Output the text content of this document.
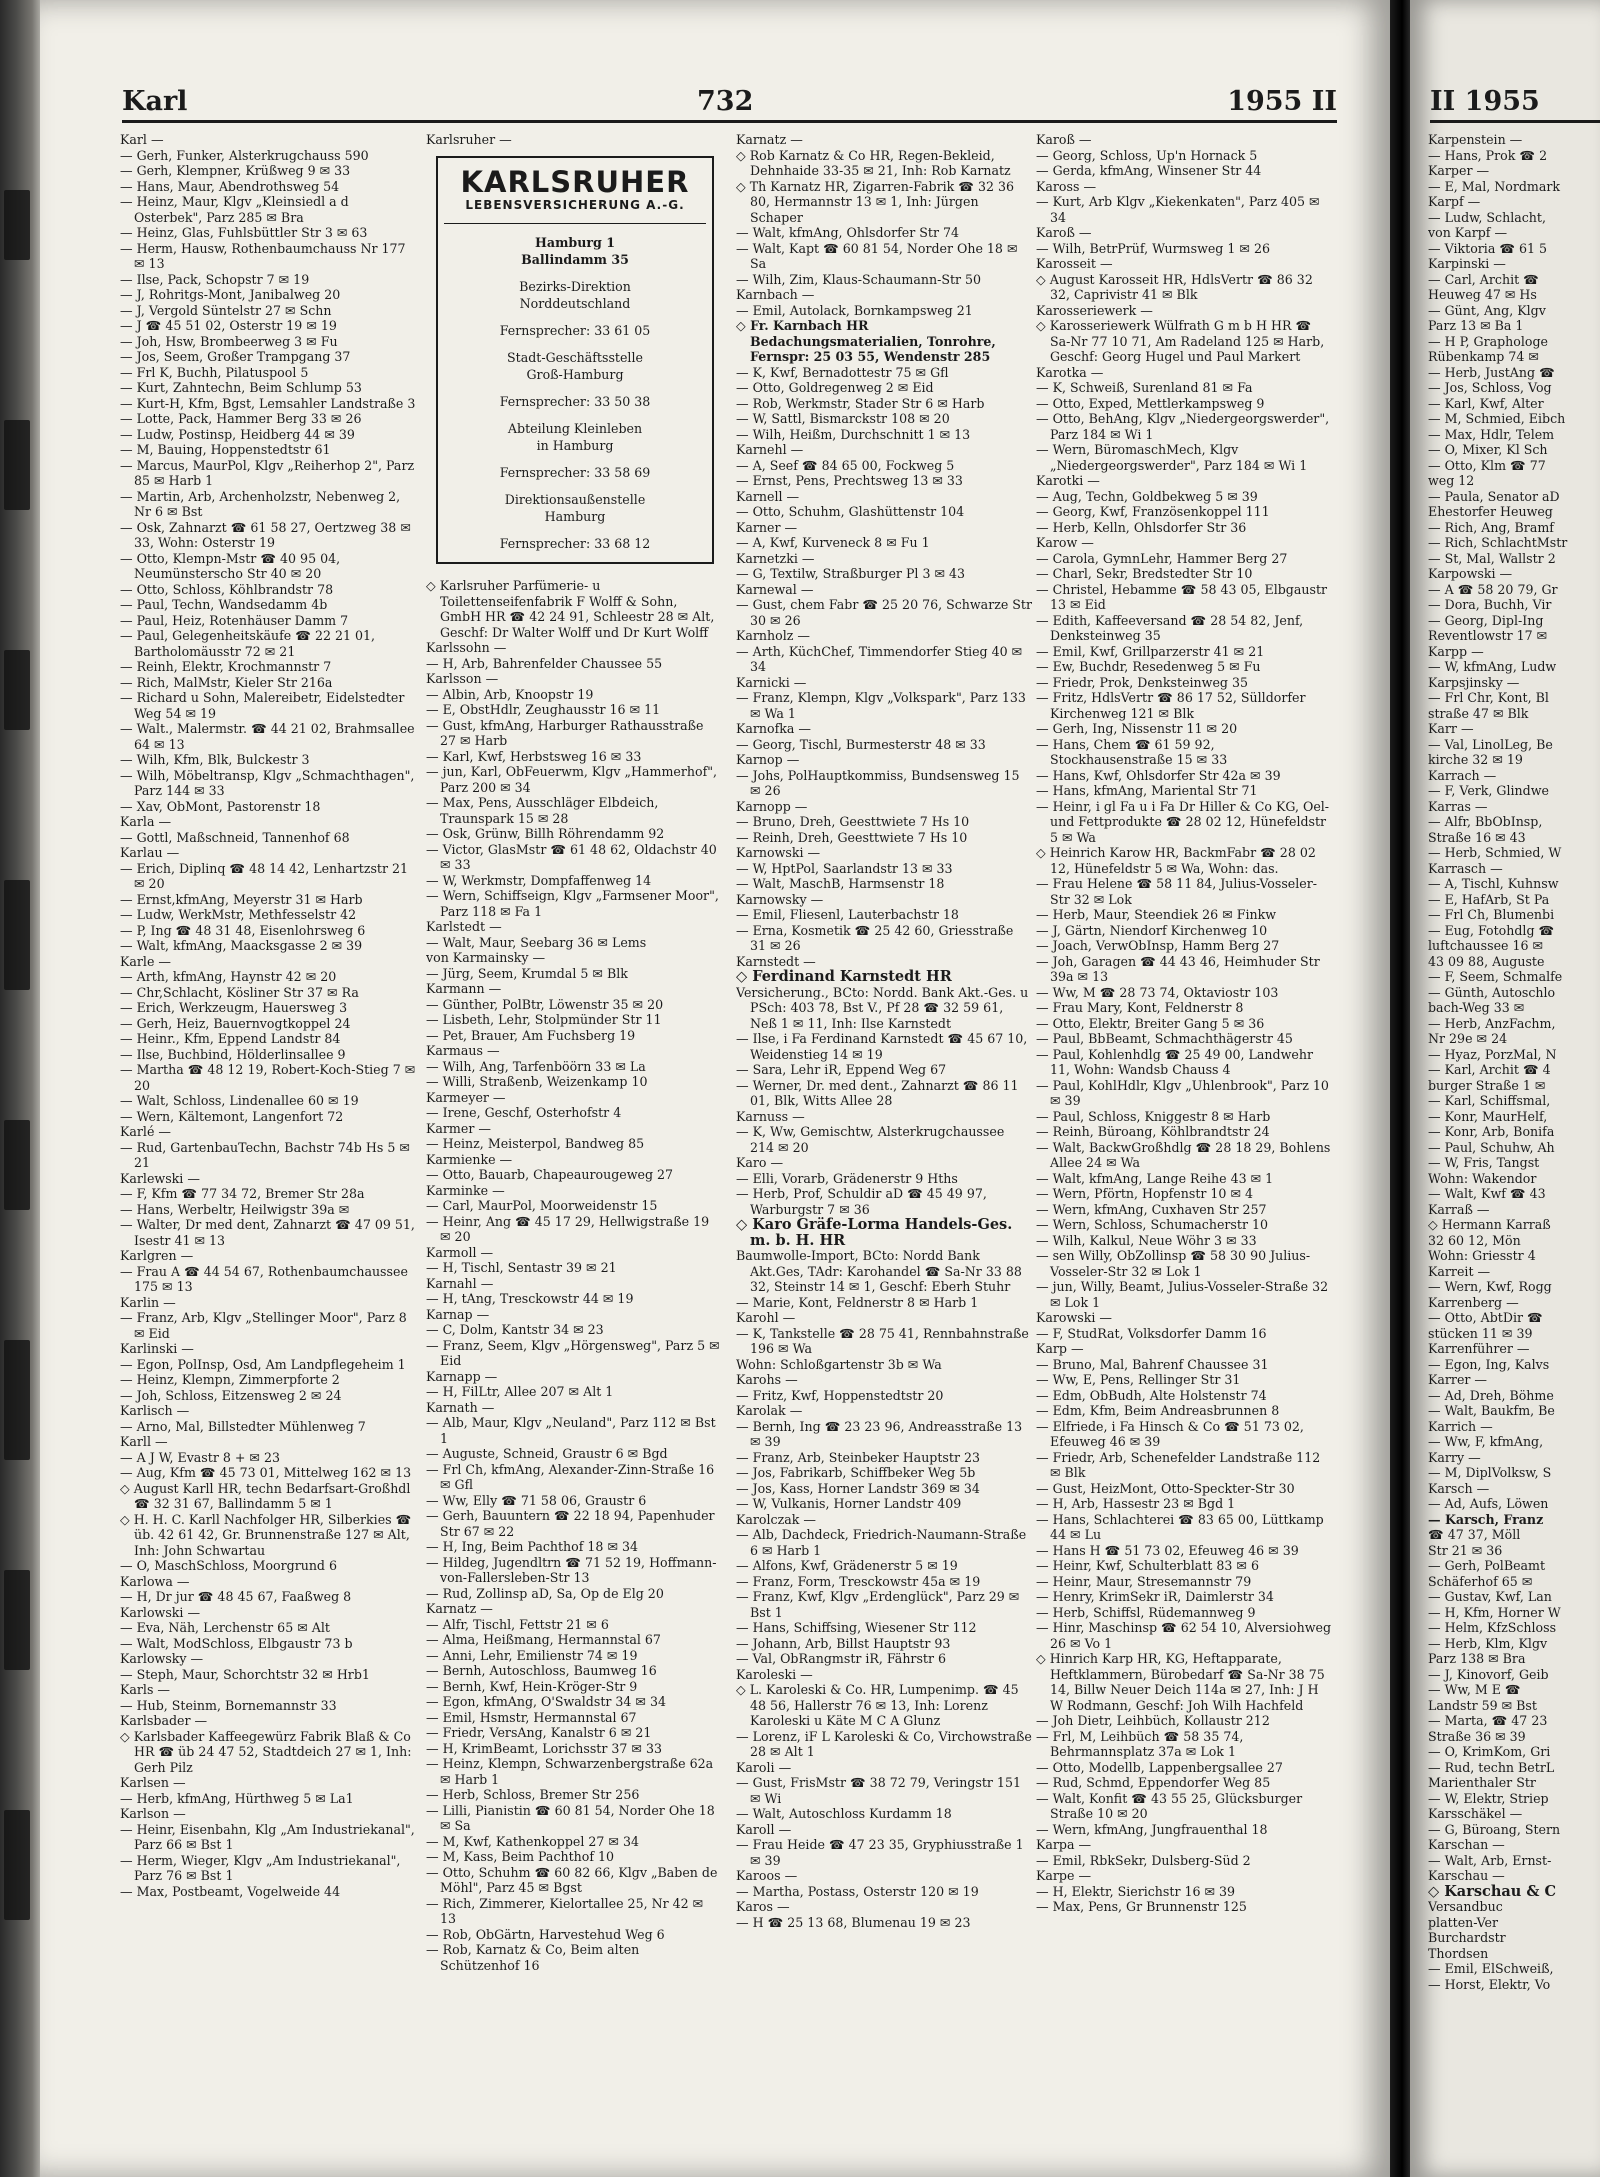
Karl	732	1955 II

Karl —

— Gerh, Funker, Alsterkrugchauss 590

— Gerh, Klempner, Krüßweg 9 ✉ 33

— Hans, Maur, Abendrothsweg 54

— Heinz, Maur, Klgv „Kleinsiedl a d Osterbek", Parz 285 ✉ Bra

— Heinz, Glas, Fuhlsbüttler Str 3 ✉ 63

— Herm, Hausw, Rothenbaumchauss Nr 177 ✉ 13

— Ilse, Pack, Schopstr 7 ✉ 19

— J, Rohritgs-Mont, Janibalweg 20

— J, Vergold Süntelstr 27 ✉ Schn

— J ☎ 45 51 02, Osterstr 19 ✉ 19

— Joh, Hsw, Brombeerweg 3 ✉ Fu

— Jos, Seem, Großer Trampgang 37

— Frl K, Buchh, Pilatuspool 5

— Kurt, Zahntechn, Beim Schlump 53

— Kurt-H, Kfm, Bgst, Lemsahler Landstraße 3

— Lotte, Pack, Hammer Berg 33 ✉ 26

— Ludw, Postinsp, Heidberg 44 ✉ 39

— M, Bauing, Hoppenstedtstr 61

— Marcus, MaurPol, Klgv „Reiherhop 2", Parz 85 ✉ Harb 1

— Martin, Arb, Archenholzstr, Nebenweg 2, Nr 6 ✉ Bst

— Osk, Zahnarzt ☎ 61 58 27, Oertzweg 38 ✉ 33, Wohn: Osterstr 19

— Otto, Klempn-Mstr ☎ 40 95 04, Neumünsterscho Str 40 ✉ 20

— Otto, Schloss, Köhlbrandstr 78

— Paul, Techn, Wandsedamm 4b

— Paul, Heiz, Rotenhäuser Damm 7

— Paul, Gelegenheitskäufe ☎ 22 21 01, Bartholomäusstr 72 ✉ 21

— Reinh, Elektr, Krochmannstr 7

— Rich, MalMstr, Kieler Str 216a

— Richard u Sohn, Malereibetr, Eidelstedter Weg 54 ✉ 19

— Walt., Malermstr. ☎ 44 21 02, Brahmsallee 64 ✉ 13

— Wilh, Kfm, Blk, Bulckestr 3

— Wilh, Möbeltransp, Klgv „Schmachthagen", Parz 144 ✉ 33

— Xav, ObMont, Pastorenstr 18

Karla —

— Gottl, Maßschneid, Tannenhof 68

Karlau —

— Erich, Diplinq ☎ 48 14 42, Lenhartzstr 21 ✉ 20

— Ernst,kfmAng, Meyerstr 31 ✉ Harb

— Ludw, WerkMstr, Methfesselstr 42

— P, Ing ☎ 48 31 48, Eisenlohrsweg 6

— Walt, kfmAng, Maacksgasse 2 ✉ 39

Karle —

— Arth, kfmAng, Haynstr 42 ✉ 20

— Chr,Schlacht, Kösliner Str 37 ✉ Ra

— Erich, Werkzeugm, Hauersweg 3

— Gerh, Heiz, Bauernvogtkoppel 24

— Heinr., Kfm, Eppend Landstr 84

— Ilse, Buchbind, Hölderlinsallee 9

— Martha ☎ 48 12 19, Robert-Koch-Stieg 7 ✉ 20

— Walt, Schloss, Lindenallee 60 ✉ 19

— Wern, Kältemont, Langenfort 72

Karlé —

— Rud, GartenbauTechn, Bachstr 74b Hs 5 ✉ 21

Karlewski —

— F, Kfm ☎ 77 34 72, Bremer Str 28a

— Hans, Werbeltr, Heilwigstr 39a ✉

— Walter, Dr med dent, Zahnarzt ☎ 47 09 51, Isestr 41 ✉ 13

Karlgren —

— Frau A ☎ 44 54 67, Rothenbaumchaussee 175 ✉ 13

Karlin —

— Franz, Arb, Klgv „Stellinger Moor", Parz 8 ✉ Eid

Karlinski —

— Egon, PolInsp, Osd, Am Landpflegeheim 1

— Heinz, Klempn, Zimmerpforte 2

— Joh, Schloss, Eitzensweg 2 ✉ 24

Karlisch —

— Arno, Mal, Billstedter Mühlenweg 7

Karll —

— A J W, Evastr 8 + ✉ 23

— Aug, Kfm ☎ 45 73 01, Mittelweg 162 ✉ 13

◇ August Karll HR, techn Bedarfsart-Großhdl ☎ 32 31 67, Ballindamm 5 ✉ 1

◇ H. H. C. Karll Nachfolger HR, Silberkies ☎ üb. 42 61 42, Gr. Brunnenstraße 127 ✉ Alt, Inh: John Schwartau

— O, MaschSchloss, Moorgrund 6

Karlowa —

— H, Dr jur ☎ 48 45 67, Faaßweg 8

Karlowski —

— Eva, Näh, Lerchenstr 65 ✉ Alt

— Walt, ModSchloss, Elbgaustr 73 b

Karlowsky —

— Steph, Maur, Schorchtstr 32 ✉ Hrb1

Karls —

— Hub, Steinm, Bornemannstr 33

Karlsbader —

◇ Karlsbader Kaffeegewürz Fabrik Blaß & Co HR ☎ üb 24 47 52, Stadtdeich 27 ✉ 1, Inh: Gerh Pilz

Karlsen —

— Herb, kfmAng, Hürthweg 5 ✉ La1

Karlson —

— Heinr, Eisenbahn, Klg „Am Industriekanal", Parz 66 ✉ Bst 1

— Herm, Wieger, Klgv „Am Industriekanal", Parz 76 ✉ Bst 1

— Max, Postbeamt, Vogelweide 44

Karlsruher —

KARLSRUHER
LEBENSVERSICHERUNG A.-G.
Hamburg 1
Ballindamm 35
Bezirks-Direktion
Norddeutschland
Fernsprecher: 33 61 05
Stadt-Geschäftsstelle
Groß-Hamburg
Fernsprecher: 33 50 38
Abteilung Kleinleben
in Hamburg
Fernsprecher: 33 58 69
Direktionsaußenstelle
Hamburg
Fernsprecher: 33 68 12

◇ Karlsruher Parfümerie- u Toilettenseifenfabrik F Wolff & Sohn, GmbH HR ☎ 42 24 91, Schleestr 28 ✉ Alt, Geschf: Dr Walter Wolff und Dr Kurt Wolff

Karlssohn —

— H, Arb, Bahrenfelder Chaussee 55

Karlsson —

— Albin, Arb, Knoopstr 19

— E, ObstHdlr, Zeughausstr 16 ✉ 11

— Gust, kfmAng, Harburger Rathausstraße 27 ✉ Harb

— Karl, Kwf, Herbstsweg 16 ✉ 33

— jun, Karl, ObFeuerwm, Klgv „Hammerhof", Parz 200 ✉ 34

— Max, Pens, Ausschläger Elbdeich, Traunspark 15 ✉ 28

— Osk, Grünw, Billh Röhrendamm 92

— Victor, GlasMstr ☎ 61 48 62, Oldachstr 40 ✉ 33

— W, Werkmstr, Dompfaffenweg 14

— Wern, Schiffseign, Klgv „Farmsener Moor", Parz 118 ✉ Fa 1

Karlstedt —

— Walt, Maur, Seebarg 36 ✉ Lems

von Karmainsky —

— Jürg, Seem, Krumdal 5 ✉ Blk

Karmann —

— Günther, PolBtr, Löwenstr 35 ✉ 20

— Lisbeth, Lehr, Stolpmünder Str 11

— Pet, Brauer, Am Fuchsberg 19

Karmaus —

— Wilh, Ang, Tarfenböörn 33 ✉ La

— Willi, Straßenb, Weizenkamp 10

Karmeyer —

— Irene, Geschf, Osterhofstr 4

Karmer —

— Heinz, Meisterpol, Bandweg 85

Karmienke —

— Otto, Bauarb, Chapeaurougeweg 27

Karminke —

— Carl, MaurPol, Moorweidenstr 15

— Heinr, Ang ☎ 45 17 29, Hellwigstraße 19 ✉ 20

Karmoll —

— H, Tischl, Sentastr 39 ✉ 21

Karnahl —

— H, tAng, Tresckowstr 44 ✉ 19

Karnap —

— C, Dolm, Kantstr 34 ✉ 23

— Franz, Seem, Klgv „Hörgensweg", Parz 5 ✉ Eid

Karnapp —

— H, FilLtr, Allee 207 ✉ Alt 1

Karnath —

— Alb, Maur, Klgv „Neuland", Parz 112 ✉ Bst 1

— Auguste, Schneid, Graustr 6 ✉ Bgd

— Frl Ch, kfmAng, Alexander-Zinn-Straße 16 ✉ Gfl

— Ww, Elly ☎ 71 58 06, Graustr 6

— Gerh, Bauuntern ☎ 22 18 94, Papenhuder Str 67 ✉ 22

— H, Ing, Beim Pachthof 18 ✉ 34

— Hildeg, Jugendltrn ☎ 71 52 19, Hoffmann-von-Fallersleben-Str 13

— Rud, Zollinsp aD, Sa, Op de Elg 20

Karnatz —

— Alfr, Tischl, Fettstr 21 ✉ 6

— Alma, Heißmang, Hermannstal 67

— Anni, Lehr, Emilienstr 74 ✉ 19

— Bernh, Autoschloss, Baumweg 16

— Bernh, Kwf, Hein-Kröger-Str 9

— Egon, kfmAng, O'Swaldstr 34 ✉ 34

— Emil, Hsmstr, Hermannstal 67

— Friedr, VersAng, Kanalstr 6 ✉ 21

— H, KrimBeamt, Lorichsstr 37 ✉ 33

— Heinz, Klempn, Schwarzenbergstraße 62a ✉ Harb 1

— Herb, Schloss, Bremer Str 256

— Lilli, Pianistin ☎ 60 81 54, Norder Ohe 18 ✉ Sa

— M, Kwf, Kathenkoppel 27 ✉ 34

— M, Kass, Beim Pachthof 10

— Otto, Schuhm ☎ 60 82 66, Klgv „Baben de Möhl", Parz 45 ✉ Bgst

— Rich, Zimmerer, Kielortallee 25, Nr 42 ✉ 13

— Rob, ObGärtn, Harvestehud Weg 6

— Rob, Karnatz & Co, Beim alten Schützenhof 16

Karnatz —

◇ Rob Karnatz & Co HR, Regen-Bekleid, Dehnhaide 33-35 ✉ 21, Inh: Rob Karnatz

◇ Th Karnatz HR, Zigarren-Fabrik ☎ 32 36 80, Hermannstr 13 ✉ 1, Inh: Jürgen Schaper

— Walt, kfmAng, Ohlsdorfer Str 74

— Walt, Kapt ☎ 60 81 54, Norder Ohe 18 ✉ Sa

— Wilh, Zim, Klaus-Schaumann-Str 50

Karnbach —

— Emil, Autolack, Bornkampsweg 21

◇ Fr. Karnbach HR Bedachungsmaterialien, Tonrohre, Fernspr: 25 03 55, Wendenstr 285

— K, Kwf, Bernadottestr 75 ✉ Gfl

— Otto, Goldregenweg 2 ✉ Eid

— Rob, Werkmstr, Stader Str 6 ✉ Harb

— W, Sattl, Bismarckstr 108 ✉ 20

— Wilh, Heißm, Durchschnitt 1 ✉ 13

Karnehl —

— A, Seef ☎ 84 65 00, Fockweg 5

— Ernst, Pens, Prechtsweg 13 ✉ 33

Karnell —

— Otto, Schuhm, Glashüttenstr 104

Karner —

— A, Kwf, Kurveneck 8 ✉ Fu 1

Karnetzki —

— G, Textilw, Straßburger Pl 3 ✉ 43

Karnewal —

— Gust, chem Fabr ☎ 25 20 76, Schwarze Str 30 ✉ 26

Karnholz —

— Arth, KüchChef, Timmendorfer Stieg 40 ✉ 34

Karnicki —

— Franz, Klempn, Klgv „Volkspark", Parz 133 ✉ Wa 1

Karnofka —

— Georg, Tischl, Burmesterstr 48 ✉ 33

Karnop —

— Johs, PolHauptkommiss, Bundsensweg 15 ✉ 26

Karnopp —

— Bruno, Dreh, Geesttwiete 7 Hs 10

— Reinh, Dreh, Geesttwiete 7 Hs 10

Karnowski —

— W, HptPol, Saarlandstr 13 ✉ 33

— Walt, MaschB, Harmsenstr 18

Karnowsky —

— Emil, Fliesenl, Lauterbachstr 18

— Erna, Kosmetik ☎ 25 42 60, Griesstraße 31 ✉ 26

Karnstedt —

◇ Ferdinand Karnstedt HR

Versicherung., BCto: Nordd. Bank Akt.-Ges. u PSch: 403 78, Bst V., Pf 28 ☎ 32 59 61, Neß 1 ✉ 11, Inh: Ilse Karnstedt

— Ilse, i Fa Ferdinand Karnstedt ☎ 45 67 10, Weidenstieg 14 ✉ 19

— Sara, Lehr iR, Eppend Weg 67

— Werner, Dr. med dent., Zahnarzt ☎ 86 11 01, Blk, Witts Allee 28

Karnuss —

— K, Ww, Gemischtw, Alsterkrugchaussee 214 ✉ 20

Karo —

— Elli, Vorarb, Grädenerstr 9 Hths

— Herb, Prof, Schuldir aD ☎ 45 49 97, Warburgstr 7 ✉ 36

◇ Karo Gräfe-Lorma Handels-Ges. m. b. H. HR

Baumwolle-Import, BCto: Nordd Bank Akt.Ges, TAdr: Karohandel ☎ Sa-Nr 33 88 32, Steinstr 14 ✉ 1, Geschf: Eberh Stuhr

— Marie, Kont, Feldnerstr 8 ✉ Harb 1

Karohl —

— K, Tankstelle ☎ 28 75 41, Rennbahnstraße 196 ✉ Wa

Wohn: Schloßgartenstr 3b ✉ Wa

Karohs —

— Fritz, Kwf, Hoppenstedtstr 20

Karolak —

— Bernh, Ing ☎ 23 23 96, Andreasstraße 13 ✉ 39

— Franz, Arb, Steinbeker Hauptstr 23

— Jos, Fabrikarb, Schiffbeker Weg 5b

— Jos, Kass, Horner Landstr 369 ✉ 34

— W, Vulkanis, Horner Landstr 409

Karolczak —

— Alb, Dachdeck, Friedrich-Naumann-Straße 6 ✉ Harb 1

— Alfons, Kwf, Grädenerstr 5 ✉ 19

— Franz, Form, Tresckowstr 45a ✉ 19

— Franz, Kwf, Klgv „Erdenglück", Parz 29 ✉ Bst 1

— Hans, Schiffsing, Wiesener Str 112

— Johann, Arb, Billst Hauptstr 93

— Val, ObRangmstr iR, Fährstr 6

Karoleski —

◇ L. Karoleski & Co. HR, Lumpenimp. ☎ 45 48 56, Hallerstr 76 ✉ 13, Inh: Lorenz Karoleski u Käte M C A Glunz

— Lorenz, iF L Karoleski & Co, Virchowstraße 28 ✉ Alt 1

Karoli —

— Gust, FrisMstr ☎ 38 72 79, Veringstr 151 ✉ Wi

— Walt, Autoschloss Kurdamm 18

Karoll —

— Frau Heide ☎ 47 23 35, Gryphiusstraße 1 ✉ 39

Karoos —

— Martha, Postass, Osterstr 120 ✉ 19

Karos —

— H ☎ 25 13 68, Blumenau 19 ✉ 23

Karoß —

— Georg, Schloss, Up'n Hornack 5

— Gerda, kfmAng, Winsener Str 44

Kaross —

— Kurt, Arb Klgv „Kiekenkaten", Parz 405 ✉ 34

Karoß —

— Wilh, BetrPrüf, Wurmsweg 1 ✉ 26

Karosseit —

◇ August Karosseit HR, HdlsVertr ☎ 86 32 32, Caprivistr 41 ✉ Blk

Karosseriewerk —

◇ Karosseriewerk Wülfrath G m b H HR ☎ Sa-Nr 77 10 71, Am Radeland 125 ✉ Harb, Geschf: Georg Hugel und Paul Markert

Karotka —

— K, Schweiß, Surenland 81 ✉ Fa

— Otto, Exped, Mettlerkampsweg 9

— Otto, BehAng, Klgv „Niedergeorgswerder", Parz 184 ✉ Wi 1

— Wern, BüromaschMech, Klgv „Niedergeorgswerder", Parz 184 ✉ Wi 1

Karotki —

— Aug, Techn, Goldbekweg 5 ✉ 39

— Georg, Kwf, Französenkoppel 111

— Herb, Kelln, Ohlsdorfer Str 36

Karow —

— Carola, GymnLehr, Hammer Berg 27

— Charl, Sekr, Bredstedter Str 10

— Christel, Hebamme ☎ 58 43 05, Elbgaustr 13 ✉ Eid

— Edith, Kaffeeversand ☎ 28 54 82, Jenf, Denksteinweg 35

— Emil, Kwf, Grillparzerstr 41 ✉ 21

— Ew, Buchdr, Resedenweg 5 ✉ Fu

— Friedr, Prok, Denksteinweg 35

— Fritz, HdlsVertr ☎ 86 17 52, Sülldorfer Kirchenweg 121 ✉ Blk

— Gerh, Ing, Nissenstr 11 ✉ 20

— Hans, Chem ☎ 61 59 92, Stockhausenstraße 15 ✉ 33

— Hans, Kwf, Ohlsdorfer Str 42a ✉ 39

— Hans, kfmAng, Mariental Str 71

— Heinr, i gl Fa u i Fa Dr Hiller & Co KG, Oel- und Fettprodukte ☎ 28 02 12, Hünefeldstr 5 ✉ Wa

◇ Heinrich Karow HR, BackmFabr ☎ 28 02 12, Hünefeldstr 5 ✉ Wa, Wohn: das.

— Frau Helene ☎ 58 11 84, Julius-Vosseler-Str 32 ✉ Lok

— Herb, Maur, Steendiek 26 ✉ Finkw

— J, Gärtn, Niendorf Kirchenweg 10

— Joach, VerwObInsp, Hamm Berg 27

— Joh, Garagen ☎ 44 43 46, Heimhuder Str 39a ✉ 13

— Ww, M ☎ 28 73 74, Oktaviostr 103

— Frau Mary, Kont, Feldnerstr 8

— Otto, Elektr, Breiter Gang 5 ✉ 36

— Paul, BbBeamt, Schmachthägerstr 45

— Paul, Kohlenhdlg ☎ 25 49 00, Landwehr 11, Wohn: Wandsb Chauss 4

— Paul, KohlHdlr, Klgv „Uhlenbrook", Parz 10 ✉ 39

— Paul, Schloss, Kniggestr 8 ✉ Harb

— Reinh, Büroang, Köhlbrandtstr 24

— Walt, BackwGroßhdlg ☎ 28 18 29, Bohlens Allee 24 ✉ Wa

— Walt, kfmAng, Lange Reihe 43 ✉ 1

— Wern, Pförtn, Hopfenstr 10 ✉ 4

— Wern, kfmAng, Cuxhaven Str 257

— Wern, Schloss, Schumacherstr 10

— Wilh, Kalkul, Neue Wöhr 3 ✉ 33

— sen Willy, ObZollinsp ☎ 58 30 90 Julius-Vosseler-Str 32 ✉ Lok 1

— jun, Willy, Beamt, Julius-Vosseler-Straße 32 ✉ Lok 1

Karowski —

— F, StudRat, Volksdorfer Damm 16

Karp —

— Bruno, Mal, Bahrenf Chaussee 31

— Ww, E, Pens, Rellinger Str 31

— Edm, ObBudh, Alte Holstenstr 74

— Edm, Kfm, Beim Andreasbrunnen 8

— Elfriede, i Fa Hinsch & Co ☎ 51 73 02, Efeuweg 46 ✉ 39

— Friedr, Arb, Schenefelder Landstraße 112 ✉ Blk

— Gust, HeizMont, Otto-Speckter-Str 30

— H, Arb, Hassestr 23 ✉ Bgd 1

— Hans, Schlachterei ☎ 83 65 00, Lüttkamp 44 ✉ Lu

— Hans H ☎ 51 73 02, Efeuweg 46 ✉ 39

— Heinr, Kwf, Schulterblatt 83 ✉ 6

— Heinr, Maur, Stresemannstr 79

— Henry, KrimSekr iR, Daimlerstr 34

— Herb, Schiffsl, Rüdemannweg 9

— Hinr, Maschinsp ☎ 62 54 10, Alversiohweg 26 ✉ Vo 1

◇ Hinrich Karp HR, KG, Heftapparate, Heftklammern, Bürobedarf ☎ Sa-Nr 38 75 14, Billw Neuer Deich 114a ✉ 27, Inh: J H W Rodmann, Geschf: Joh Wilh Hachfeld

— Joh Dietr, Leihbüch, Kollaustr 212

— Frl, M, Leihbüch ☎ 58 35 74, Behrmannsplatz 37a ✉ Lok 1

— Otto, Modellb, Lappenbergsallee 27

— Rud, Schmd, Eppendorfer Weg 85

— Walt, Konfit ☎ 43 55 25, Glücksburger Straße 10 ✉ 20

— Wern, kfmAng, Jungfrauenthal 18

Karpa —

— Emil, RbkSekr, Dulsberg-Süd 2

Karpe —

— H, Elektr, Sierichstr 16 ✉ 39

— Max, Pens, Gr Brunnenstr 125

II 1955

Karpenstein —

— Hans, Prok ☎ 2

Karper —

— E, Mal, Nordmark

Karpf —

— Ludw, Schlacht,

von Karpf —

— Viktoria ☎ 61 5

Karpinski —

— Carl, Archit ☎

Heuweg 47 ✉ Hs

— Günt, Ang, Klgv

Parz 13 ✉ Ba 1

— H P, Graphologe

Rübenkamp 74 ✉

— Herb, JustAng ☎

— Jos, Schloss, Vog

— Karl, Kwf, Alter

— M, Schmied, Eibch

— Max, Hdlr, Telem

— O, Mixer, Kl Sch

— Otto, Klm ☎ 77

weg 12

— Paula, Senator aD

Ehestorfer Heuweg

— Rich, Ang, Bramf

— Rich, SchlachtMstr

— St, Mal, Wallstr 2

Karpowski —

— A ☎ 58 20 79, Gr

— Dora, Buchh, Vir

— Georg, Dipl-Ing

Reventlowstr 17 ✉

Karpp —

— W, kfmAng, Ludw

Karpsjinsky —

— Frl Chr, Kont, Bl

straße 47 ✉ Blk

Karr —

— Val, LinolLeg, Be

kirche 32 ✉ 19

Karrach —

— F, Verk, Glindwe

Karras —

— Alfr, BbObInsp,

Straße 16 ✉ 43

— Herb, Schmied, W

Karrasch —

— A, Tischl, Kuhnsw

— E, HafArb, St Pa

— Frl Ch, Blumenbi

— Eug, Fotohdlg ☎

luftchaussee 16 ✉

43 09 88, Auguste

— F, Seem, Schmalfe

— Günth, Autoschlo

bach-Weg 33 ✉

— Herb, AnzFachm,

Nr 29e ✉ 24

— Hyaz, PorzMal, N

— Karl, Archit ☎ 4

burger Straße 1 ✉

— Karl, Schiffsmal,

— Konr, MaurHelf,

— Konr, Arb, Bonifa

— Paul, Schuhw, Ah

— W, Fris, Tangst

Wohn: Wakendor

— Walt, Kwf ☎ 43

Karraß —

◇ Hermann Karraß

32 60 12, Mön

Wohn: Griesstr 4

Karreit —

— Wern, Kwf, Rogg

Karrenberg —

— Otto, AbtDir ☎

stücken 11 ✉ 39

Karrenführer —

— Egon, Ing, Kalvs

Karrer —

— Ad, Dreh, Böhme

— Walt, Baukfm, Be

Karrich —

— Ww, F, kfmAng,

Karry —

— M, DiplVolksw, S

Karsch —

— Ad, Aufs, Löwen

— Karsch, Franz

☎ 47 37, Möll

Str 21 ✉ 36

— Gerh, PolBeamt

Schäferhof 65 ✉

— Gustav, Kwf, Lan

— H, Kfm, Horner W

— Helm, KfzSchloss

— Herb, Klm, Klgv

Parz 138 ✉ Bra

— J, Kinovorf, Geib

— Ww, M E ☎

Landstr 59 ✉ Bst

— Marta, ☎ 47 23

Straße 36 ✉ 39

— O, KrimKom, Gri

— Rud, techn BetrL

Marienthaler Str

— W, Elektr, Striep

Karsschäkel —

— G, Büroang, Stern

Karschan —

— Walt, Arb, Ernst-

Karschau —

◇ Karschau & C

Versandbuc

platten-Ver

Burchardstr

Thordsen

— Emil, ElSchweiß,

— Horst, Elektr, Vo
